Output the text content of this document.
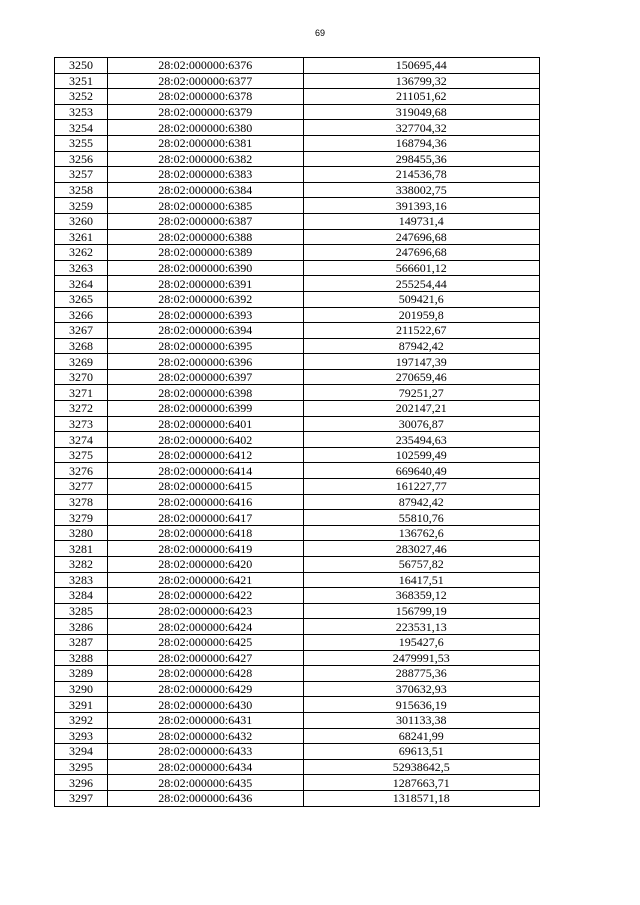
69
3250	28:02:000000:6376	150695,44
3251	28:02:000000:6377	136799,32
3252	28:02:000000:6378	211051,62
3253	28:02:000000:6379	319049,68
3254	28:02:000000:6380	327704,32
3255	28:02:000000:6381	168794,36
3256	28:02:000000:6382	298455,36
3257	28:02:000000:6383	214536,78
3258	28:02:000000:6384	338002,75
3259	28:02:000000:6385	391393,16
3260	28:02:000000:6387	149731,4
3261	28:02:000000:6388	247696,68
3262	28:02:000000:6389	247696,68
3263	28:02:000000:6390	566601,12
3264	28:02:000000:6391	255254,44
3265	28:02:000000:6392	509421,6
3266	28:02:000000:6393	201959,8
3267	28:02:000000:6394	211522,67
3268	28:02:000000:6395	87942,42
3269	28:02:000000:6396	197147,39
3270	28:02:000000:6397	270659,46
3271	28:02:000000:6398	79251,27
3272	28:02:000000:6399	202147,21
3273	28:02:000000:6401	30076,87
3274	28:02:000000:6402	235494,63
3275	28:02:000000:6412	102599,49
3276	28:02:000000:6414	669640,49
3277	28:02:000000:6415	161227,77
3278	28:02:000000:6416	87942,42
3279	28:02:000000:6417	55810,76
3280	28:02:000000:6418	136762,6
3281	28:02:000000:6419	283027,46
3282	28:02:000000:6420	56757,82
3283	28:02:000000:6421	16417,51
3284	28:02:000000:6422	368359,12
3285	28:02:000000:6423	156799,19
3286	28:02:000000:6424	223531,13
3287	28:02:000000:6425	195427,6
3288	28:02:000000:6427	2479991,53
3289	28:02:000000:6428	288775,36
3290	28:02:000000:6429	370632,93
3291	28:02:000000:6430	915636,19
3292	28:02:000000:6431	301133,38
3293	28:02:000000:6432	68241,99
3294	28:02:000000:6433	69613,51
3295	28:02:000000:6434	52938642,5
3296	28:02:000000:6435	1287663,71
3297	28:02:000000:6436	1318571,18
